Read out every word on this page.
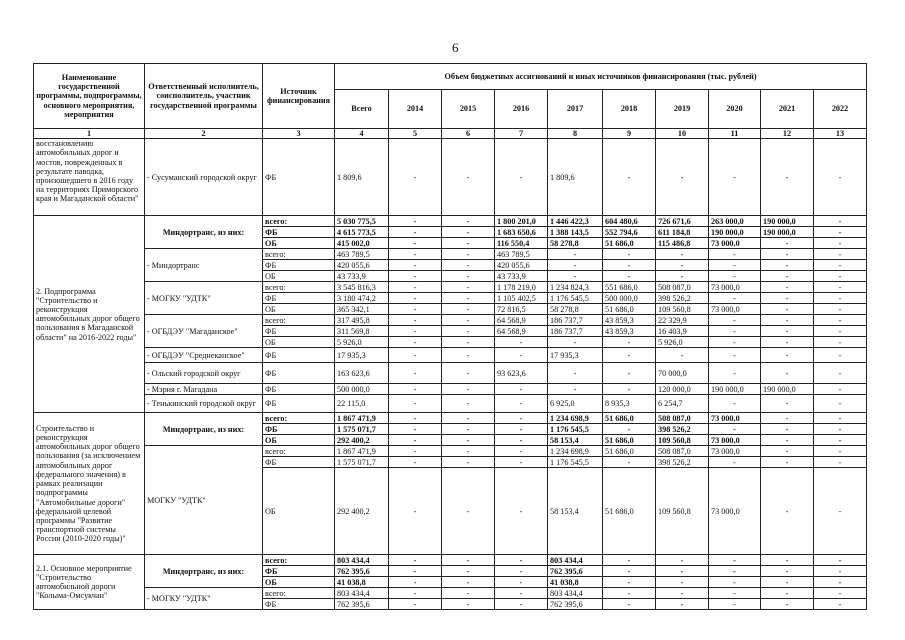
6
Наименование государственной программы, подпрограммы, основного мероприятия, мероприятия	Ответственный исполнитель, соисполнитель, участник государственной программы	Источник финансирования	Объем бюджетных ассигнований и иных источников финансирования (тыс. рублей)									
			Всего	2014	2015	2016	2017	2018	2019	2020	2021	2022
1	2	3	4	5	6	7	8	9	10	11	12	13
восстановлению автомобильных дорог и мостов, поврежденных в результате паводка, произошедшего в 2016 году на территориях Приморского края и Магаданской области"	- Сусуманский городской округ	ФБ	1 809,6	-	-	-	1 809,6	-	-	-	-	-
2. Подпрограмма "Строительство и реконструкция автомобильных дорог общего пользования в Магаданской области" на 2016-2022 годы"	Миндортранс, из них:	всего:	5 030 775,5	-	-	1 800 201,0	1 446 422,3	604 480,6	726 671,6	263 000,0	190 000,0	-
		ФБ	4 615 773,5	-	-	1 683 650,6	1 388 143,5	552 794,6	611 184,8	190 000,0	190 000,0	-
		ОБ	415 002,0	-	-	116 550,4	58 278,8	51 686,0	115 486,8	73 000,0	-	-
	- Миндортранс	всего:	463 789,5	-	-	463 789,5	-	-	-	-	-	-
		ФБ	420 055,6	-	-	420 055,6	-	-	-	-	-	-
		ОБ	43 733,9	-	-	43 733,9	-	-	-	-	-	-
	- МОГКУ "УДТК"	всего:	3 545 816,3	-	-	1 178 219,0	1 234 824,3	551 686,0	508 087,0	73 000,0	-	-
		ФБ	3 180 474,2	-	-	1 105 402,5	1 176 545,5	500 000,0	398 526,2	-	-	-
		ОБ	365 342,1	-	-	72 816,5	58 278,8	51 686,0	109 560,8	73 000,0	-	-
	- ОГБДЭУ "Магаданское"	всего:	317 495,8	-	-	64 568,9	186 737,7	43 859,3	22 329,9	-	-	-
		ФБ	311 569,8	-	-	64 568,9	186 737,7	43 859,3	16 403,9	-	-	-
		ОБ	5 926,0	-	-	-	-	-	5 926,0	-	-	-
	- ОГБДЭУ "Среднеканское"	ФБ	17 935,3	-	-	-	17 935,3	-	-	-	-	-
	- Ольский городской округ	ФБ	163 623,6	-	-	93 623,6	-	-	70 000,0	-	-	-
	- Мэрия г. Магадана	ФБ	500 000,0	-	-	-	-	-	120 000,0	190 000,0	190 000,0	-
	- Тенькинский городской округ	ФБ	22 115,0	-	-	-	6 925,0	8 935,3	6 254,7	-	-	-
Строительство и реконструкция автомобильных дорог общего пользования (за исключением автомобильных дорог федерального значения) в рамках реализации подпрограммы "Автомобильные дороги" федеральной целевой программы "Развитие транспортной системы России (2010-2020 годы)"	Миндортранс, из них:	всего:	1 867 471,9	-	-	-	1 234 698,9	51 686,0	508 087,0	73 000,0	-	-
		ФБ	1 575 071,7	-	-	-	1 176 545,5	-	398 526,2	-	-	-
		ОБ	292 400,2	-	-	-	58 153,4	51 686,0	109 560,8	73 000,0	-	-
	МОГКУ "УДТК"	всего:	1 867 471,9	-	-	-	1 234 698,9	51 686,0	508 087,0	73 000,0	-	-
		ФБ	1 575 071,7	-	-	-	1 176 545,5	-	398 526,2	-	-	-
		ОБ	292 400,2	-	-	-	58 153,4	51 686,0	109 560,8	73 000,0	-	-
2.1. Основное мероприятие "Строительство автомобильной дороги "Колыма-Омсукчан"	Миндортранс, из них:	всего:	803 434,4	-	-	-	803 434,4	-	-	-	-	-
		ФБ	762 395,6	-	-	-	762 395,6	-	-	-	-	-
		ОБ	41 038,8	-	-	-	41 038,8	-	-	-	-	-
	- МОГКУ "УДТК"	всего:	803 434,4	-	-	-	803 434,4	-	-	-	-	-
		ФБ	762 395,6	-	-	-	762 395,6	-	-	-	-	-
